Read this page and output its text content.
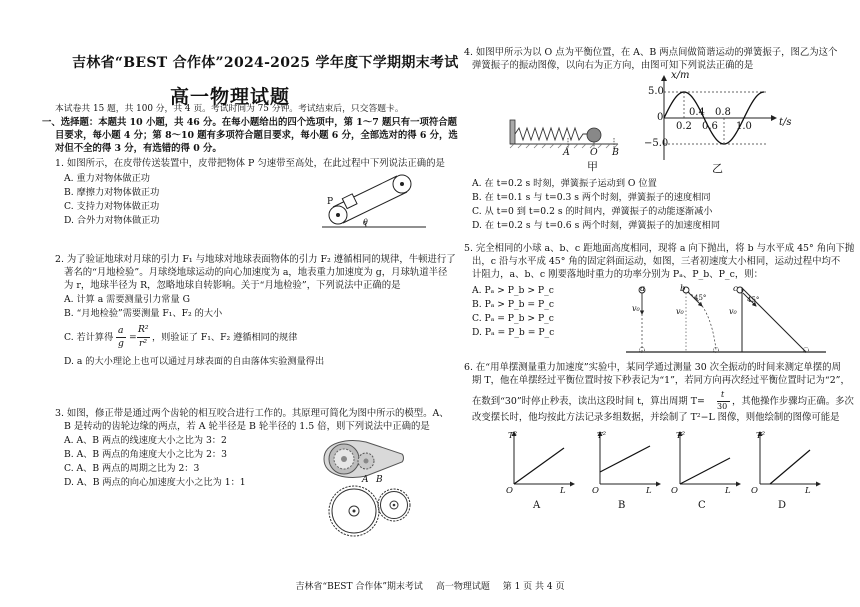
吉林省“BEST 合作体”2024-2025 学年度下学期期末考试
高一物理试题
本试卷共 15 题，共 100 分，共 4 页。考试时间为 75 分钟。考试结束后，只交答题卡。
一、选择题：本题共 10 小题，共 46 分。在每小题给出的四个选项中，第 1～7 题只有一项符合题
目要求，每小题 4 分；第 8～10 题有多项符合题目要求，每小题 6 分，全部选对的得 6 分，选
对但不全的得 3 分，有选错的得 0 分。
1. 如图所示，在皮带传送装置中，皮带把物体 P 匀速带至高处，在此过程中下列说法正确的是
A. 重力对物体做正功
B. 摩擦力对物体做正功
C. 支持力对物体做正功
D. 合外力对物体做正功
P
θ
2. 为了验证地球对月球的引力 F₁ 与地球对地球表面物体的引力 F₂ 遵循相同的规律，牛顿进行了
著名的“月地检验”。月球绕地球运动的向心加速度为 a，地表重力加速度为 g，月球轨道半径
为 r，地球半径为 R，忽略地球自转影响。关于“月地检验”，下列说法中正确的是
A. 计算 a 需要测量引力常量 G
B. “月地检验”需要测量 F₁、F₂ 的大小
C. 若计算得
a
g
=
R²
r²
，则验证了 F₁、F₂ 遵循相同的规律
D. a 的大小理论上也可以通过月球表面的自由落体实验测量得出
3. 如图，修正带是通过两个齿轮的相互咬合进行工作的。其原理可简化为图中所示的模型。A、
B 是转动的齿轮边缘的两点，若 A 轮半径是 B 轮半径的 1.5 倍，则下列说法中正确的是
A. A、B 两点的线速度大小之比为 3：2
B. A、B 两点的角速度大小之比为 2：3
C. A、B 两点的周期之比为 2：3
D. A、B 两点的向心加速度大小之比为 1：1	A B
4. 如图甲所示为以 O 点为平衡位置，在 A、B 两点间做简谐运动的弹簧振子，图乙为这个
弹簧振子的振动图像，以向右为正方向，由图可知下列说法正确的是
A O B
甲
x/m
t/s
5.0
0
−5.0
0.2
0.4
0.6
0.8
1.0
乙
A. 在 t=0.2 s 时刻，弹簧振子运动到 O 位置
B. 在 t=0.1 s 与 t=0.3 s 两个时刻，弹簧振子的速度相同
C. 从 t=0 到 t=0.2 s 的时间内，弹簧振子的动能逐渐减小
D. 在 t=0.2 s 与 t=0.6 s 两个时刻，弹簧振子的加速度相同
5. 完全相同的小球 a、b、c 距地面高度相同，现将 a 向下抛出，将 b 与水平成 45° 角向下抛
出，c 沿与水平成 45° 角的固定斜面运动，如图，三者初速度大小相同，运动过程中均不
计阻力，a、b、c 刚要落地时重力的功率分别为 Pₐ、P_b、P_c，则：
A. Pₐ > P_b > P_c
B. Pₐ > P_b = P_c
C. Pₐ = P_b > P_c
D. Pₐ = P_b = P_c
a	b	c
v₀	v₀	v₀
45°	45°
6. 在“用单摆测量重力加速度”实验中，某同学通过测量 30 次全振动的时间来测定单摆的周
期 T，他在单摆经过平衡位置时按下秒表记为“1”，若同方向再次经过平衡位置时记为“2”，
在数到“30”时停止秒表，读出这段时间 t，算出周期 T=
t
30 ，其他操作步骤均正确。多次
改变摆长时，他均按此方法记录多组数据，并绘制了 T²−L 图像，则他绘制的图像可能是
T²	T²	T²	T²
O	L	O	L O	L O	L
A	B	C	D
吉林省“BEST 合作体”期末考试 高一物理试题 第 1 页 共 4 页
